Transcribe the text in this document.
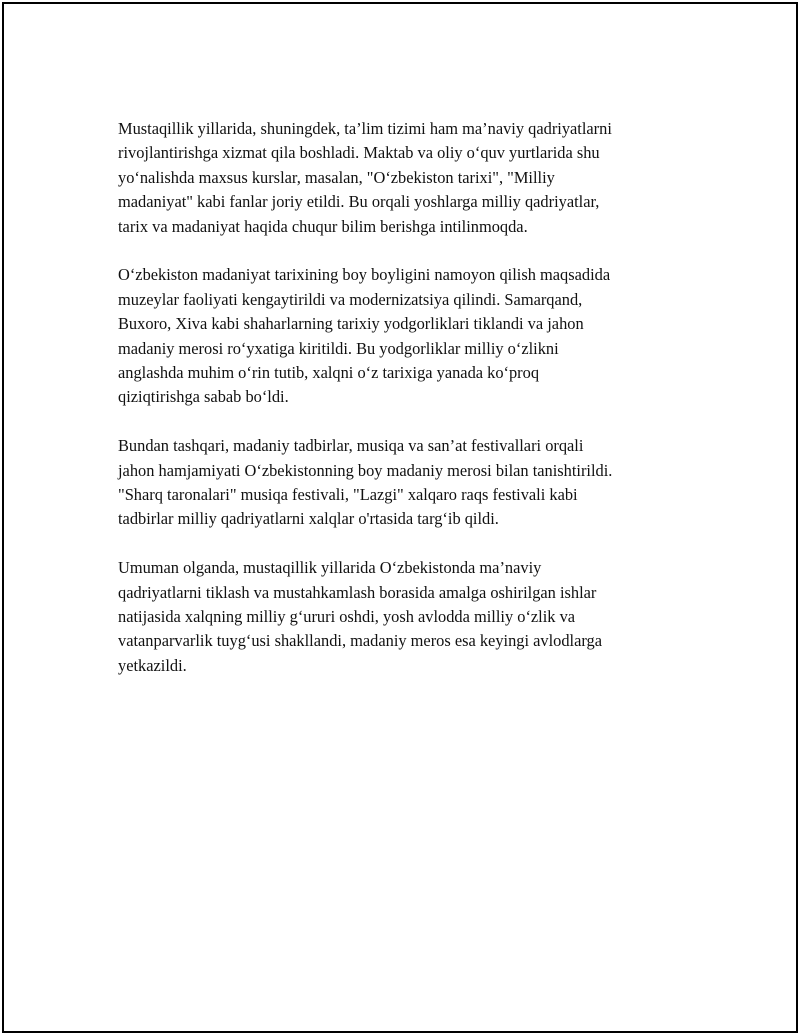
Mustaqillik yillarida, shuningdek, ta’lim tizimi ham ma’naviy qadriyatlarni
rivojlantirishga xizmat qila boshladi. Maktab va oliy o‘quv yurtlarida shu
yo‘nalishda maxsus kurslar, masalan, "O‘zbekiston tarixi", "Milliy
madaniyat" kabi fanlar joriy etildi. Bu orqali yoshlarga milliy qadriyatlar,
tarix va madaniyat haqida chuqur bilim berishga intilinmoqda.

O‘zbekiston madaniyat tarixining boy boyligini namoyon qilish maqsadida
muzeylar faoliyati kengaytirildi va modernizatsiya qilindi. Samarqand,
Buxoro, Xiva kabi shaharlarning tarixiy yodgorliklari tiklandi va jahon
madaniy merosi ro‘yxatiga kiritildi. Bu yodgorliklar milliy o‘zlikni
anglashda muhim o‘rin tutib, xalqni o‘z tarixiga yanada ko‘proq
qiziqtirishga sabab bo‘ldi.

Bundan tashqari, madaniy tadbirlar, musiqa va san’at festivallari orqali
jahon hamjamiyati O‘zbekistonning boy madaniy merosi bilan tanishtirildi.
"Sharq taronalari" musiqa festivali, "Lazgi" xalqaro raqs festivali kabi
tadbirlar milliy qadriyatlarni xalqlar o'rtasida targ‘ib qildi.

Umuman olganda, mustaqillik yillarida O‘zbekistonda ma’naviy
qadriyatlarni tiklash va mustahkamlash borasida amalga oshirilgan ishlar
natijasida xalqning milliy g‘ururi oshdi, yosh avlodda milliy o‘zlik va
vatanparvarlik tuyg‘usi shakllandi, madaniy meros esa keyingi avlodlarga
yetkazildi.
